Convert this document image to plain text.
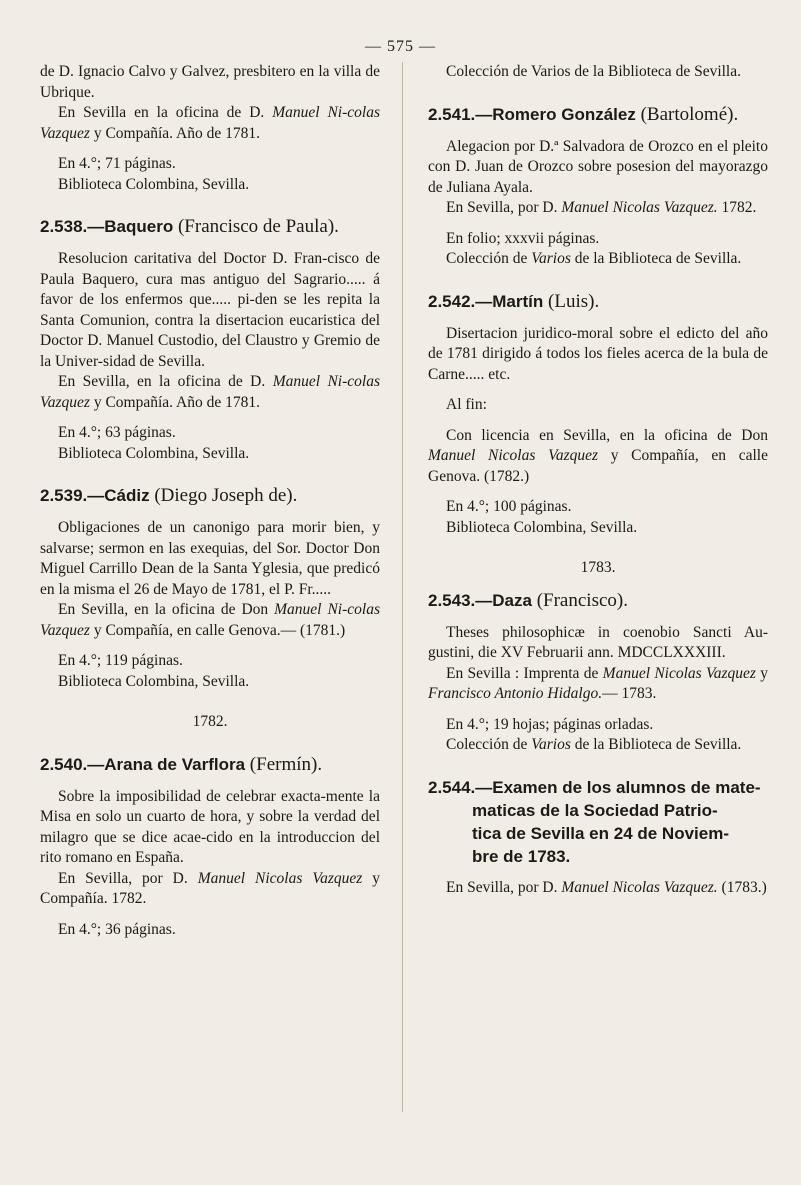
— 575 —

de D. Ignacio Calvo y Galvez, presbitero en la villa de Ubrique.

En Sevilla en la oficina de D. Manuel Ni-colas Vazquez y Compañía. Año de 1781.

En 4.°; 71 páginas.

Biblioteca Colombina, Sevilla.

2.538.—Baquero (Francisco de Paula).

Resolucion caritativa del Doctor D. Fran-cisco de Paula Baquero, cura mas antiguo del Sagrario..... á favor de los enfermos que..... pi-den se les repita la Santa Comunion, contra la disertacion eucaristica del Doctor D. Manuel Custodio, del Claustro y Gremio de la Univer-sidad de Sevilla.

En Sevilla, en la oficina de D. Manuel Ni-colas Vazquez y Compañía. Año de 1781.

En 4.°; 63 páginas.

Biblioteca Colombina, Sevilla.

2.539.—Cádiz (Diego Joseph de).

Obligaciones de un canonigo para morir bien, y salvarse; sermon en las exequias, del Sor. Doctor Don Miguel Carrillo Dean de la Santa Yglesia, que predicó en la misma el 26 de Mayo de 1781, el P. Fr.....

En Sevilla, en la oficina de Don Manuel Ni-colas Vazquez y Compañía, en calle Genova.— (1781.)

En 4.°; 119 páginas.

Biblioteca Colombina, Sevilla.

1782.

2.540.—Arana de Varflora (Fermín).

Sobre la imposibilidad de celebrar exacta-mente la Misa en solo un cuarto de hora, y sobre la verdad del milagro que se dice acae-cido en la introduccion del rito romano en España.

En Sevilla, por D. Manuel Nicolas Vazquez y Compañía. 1782.

En 4.°; 36 páginas.

Colección de Varios de la Biblioteca de Sevilla.

2.541.—Romero González (Bartolomé).

Alegacion por D.ª Salvadora de Orozco en el pleito con D. Juan de Orozco sobre posesion del mayorazgo de Juliana Ayala.

En Sevilla, por D. Manuel Nicolas Vazquez. 1782.

En folio; xxxvii páginas.

Colección de Varios de la Biblioteca de Sevilla.

2.542.—Martín (Luis).

Disertacion juridico-moral sobre el edicto del año de 1781 dirigido á todos los fieles acerca de la bula de Carne..... etc.

Al fin:

Con licencia en Sevilla, en la oficina de Don Manuel Nicolas Vazquez y Compañía, en calle Genova. (1782.)

En 4.°; 100 páginas.

Biblioteca Colombina, Sevilla.

1783.

2.543.—Daza (Francisco).

Theses philosophicæ in coenobio Sancti Au-gustini, die XV Februarii ann. MDCCLXXXIII.

En Sevilla : Imprenta de Manuel Nicolas Vazquez y Francisco Antonio Hidalgo.— 1783.

En 4.°; 19 hojas; páginas orladas.

Colección de Varios de la Biblioteca de Sevilla.

2.544.—Examen de los alumnos de mate-
maticas de la Sociedad Patrio-
tica de Sevilla en 24 de Noviem-
bre de 1783.

En Sevilla, por D. Manuel Nicolas Vazquez. (1783.)
